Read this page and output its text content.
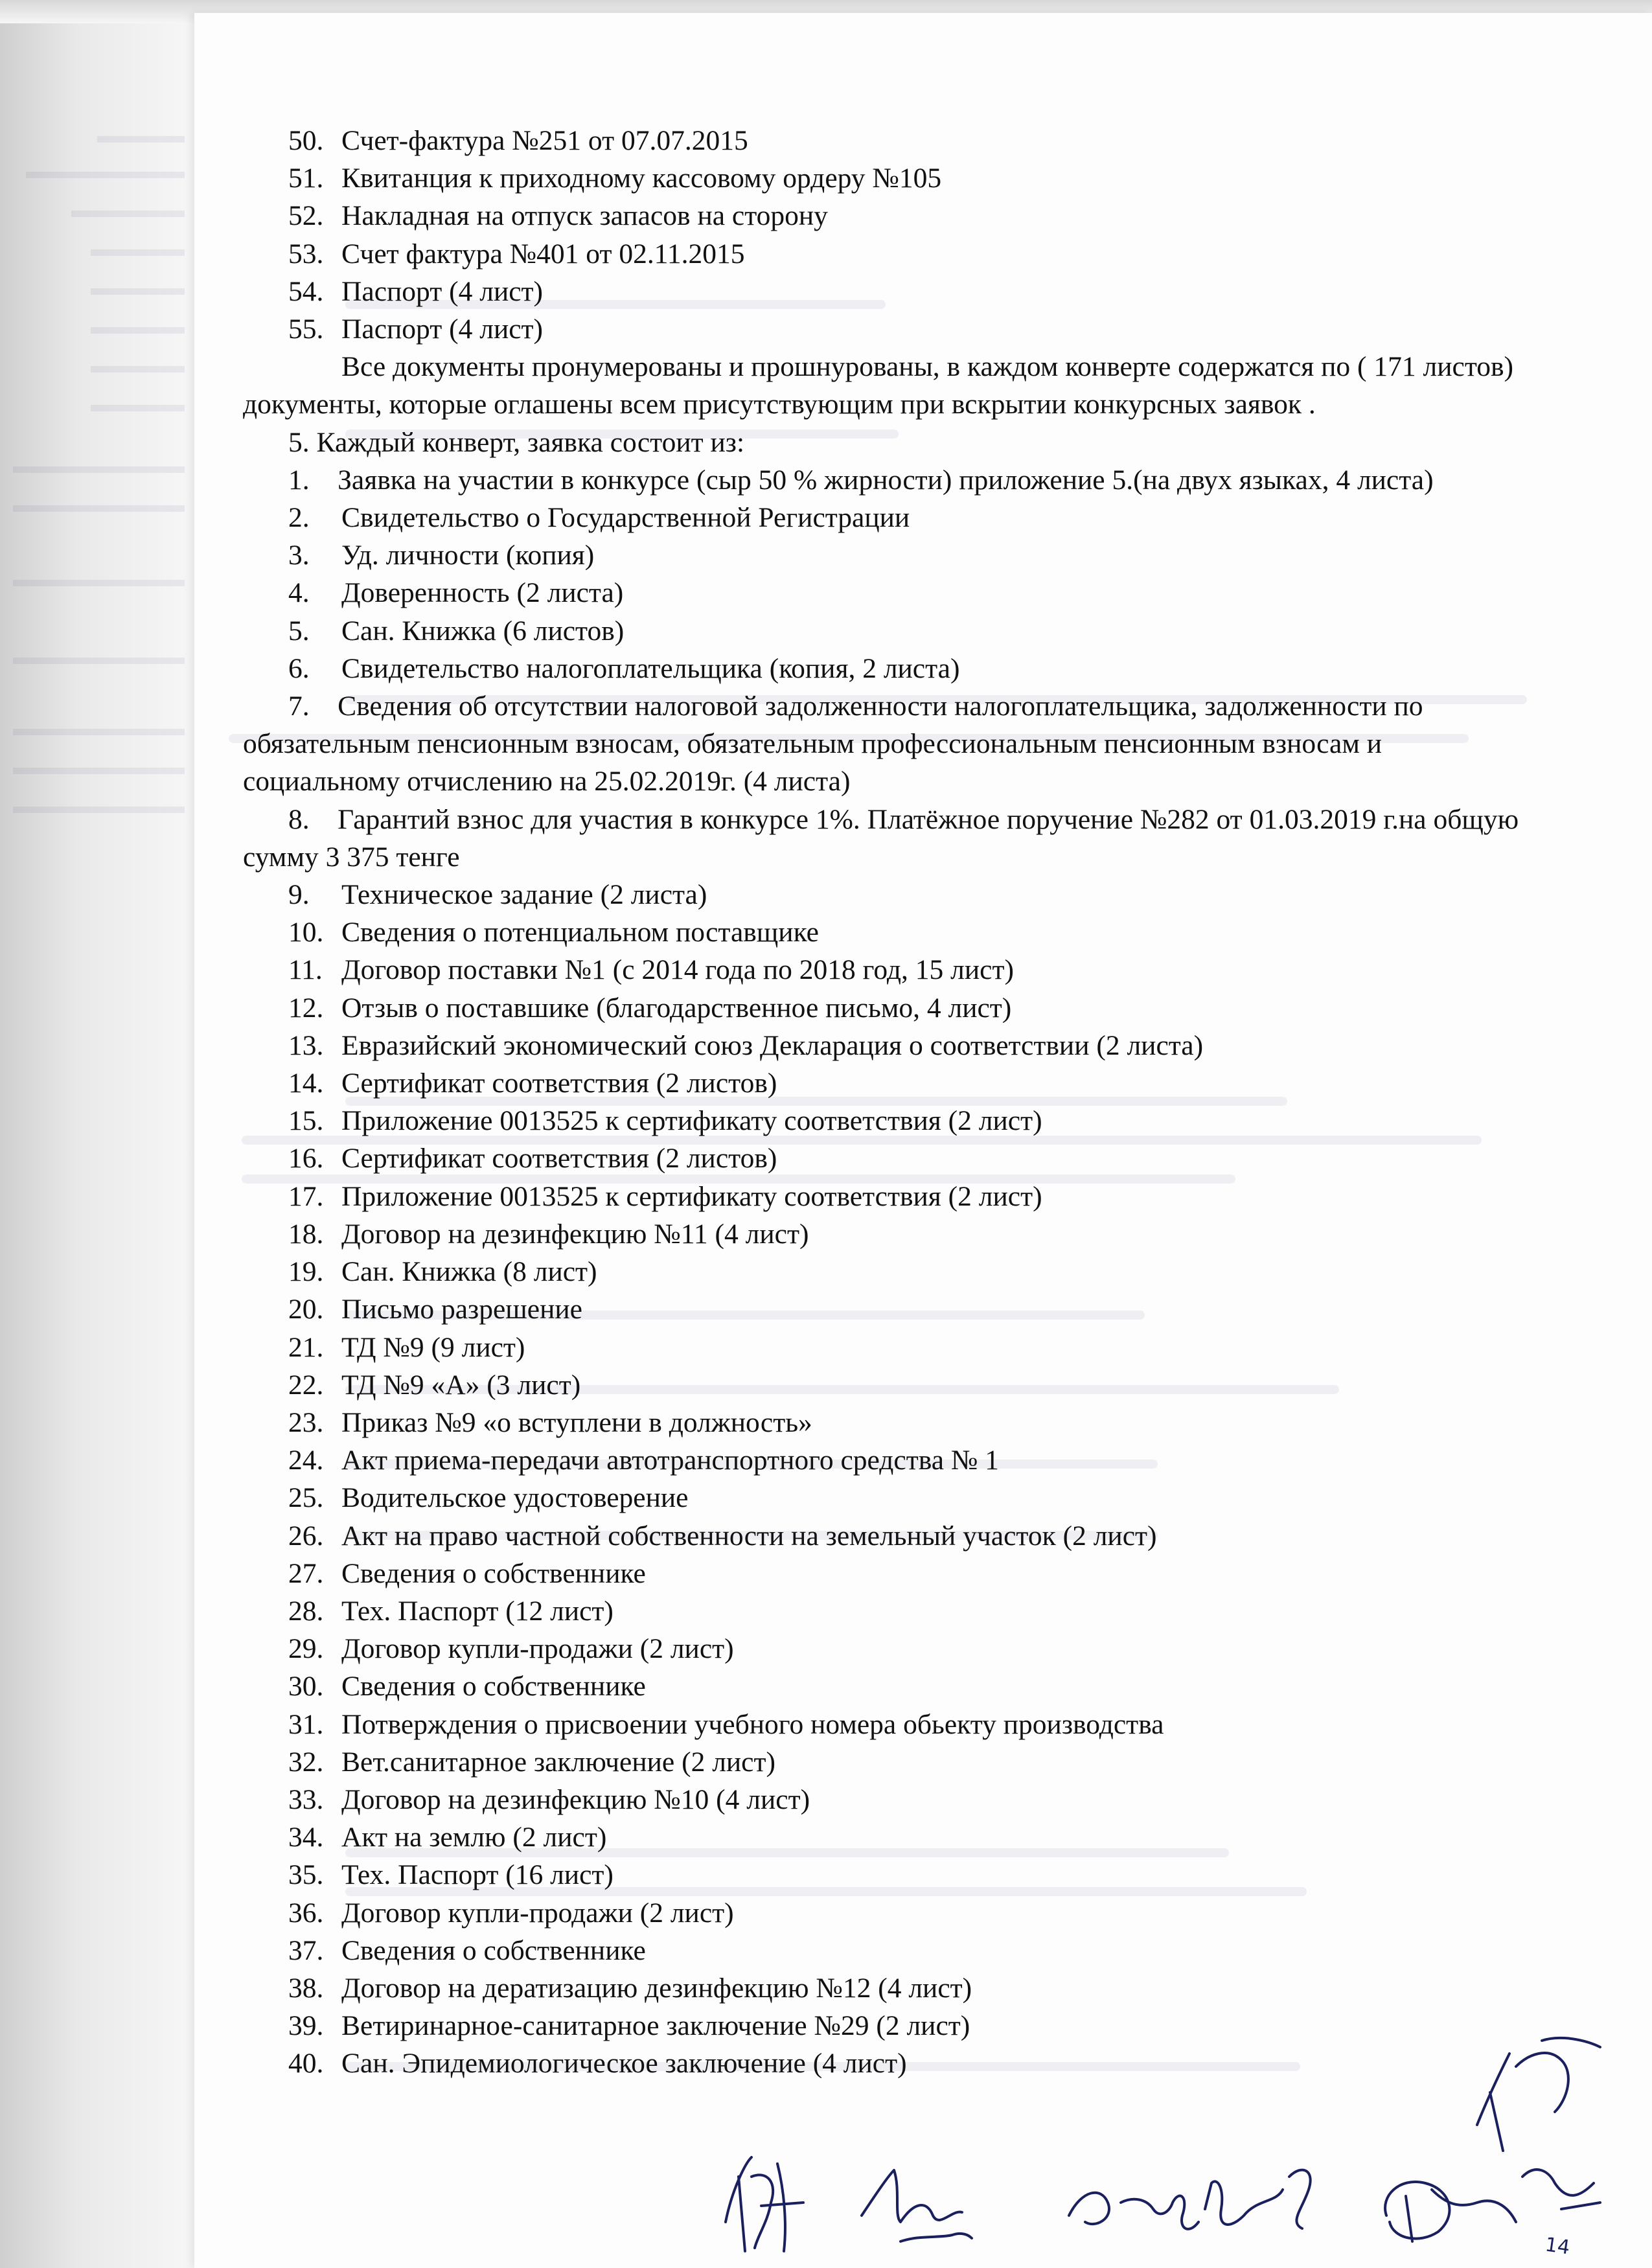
50. Счет-фактура №251 от 07.07.2015
51. Квитанция к приходному кассовому ордеру №105
52. Накладная на отпуск запасов на сторону
53. Счет фактура №401 от 02.11.2015
54. Паспорт (4 лист)
55. Паспорт (4 лист)
Все документы пронумерованы и прошнурованы, в каждом конверте содержатся по ( 171 листов) документы, которые оглашены всем присутствующим при вскрытии конкурсных заявок .
5. Каждый конверт, заявка состоит из:
1.    Заявка на участии в конкурсе (сыр 50 % жирности) приложение 5.(на двух языках, 4 листа)
2. Свидетельство о Государственной Регистрации
3. Уд. личности (копия)
4. Доверенность (2 листа)
5. Сан. Книжка (6 листов)
6. Свидетельство налогоплательщика (копия, 2 листа)
7.    Сведения об отсутствии налоговой задолженности налогоплательщика, задолженности по обязательным пенсионным взносам, обязательным профессиональным пенсионным взносам и социальному отчислению на 25.02.2019г. (4 листа)
8.    Гарантий взнос для участия в конкурсе 1%. Платёжное поручение №282 от 01.03.2019 г.на общую сумму 3 375 тенге
9. Техническое задание (2 листа)
10. Сведения о потенциальном поставщике
11. Договор поставки №1 (с 2014 года по 2018 год, 15 лист)
12. Отзыв о поставшике (благодарственное письмо, 4 лист)
13. Евразийский экономический союз Декларация о соответствии (2 листа)
14. Сертификат соответствия (2 листов)
15. Приложение 0013525 к сертификату соответствия (2 лист)
16. Сертификат соответствия (2 листов)
17. Приложение 0013525 к сертификату соответствия (2 лист)
18. Договор на дезинфекцию №11 (4 лист)
19. Сан. Книжка (8 лист)
20. Письмо разрешение
21. ТД №9 (9 лист)
22. ТД №9 «А» (3 лист)
23. Приказ №9 «о вступлени в должность»
24. Акт приема-передачи автотранспортного средства № 1
25. Водительское удостоверение
26. Акт на право частной собственности на земельный участок (2 лист)
27. Сведения о собственнике
28. Тех. Паспорт (12 лист)
29. Договор купли-продажи (2 лист)
30. Сведения о собственнике
31. Потверждения о присвоении учебного номера обьекту производства
32. Вет.санитарное заключение (2 лист)
33. Договор на дезинфекцию №10 (4 лист)
34. Акт на землю (2 лист)
35. Тех. Паспорт (16 лист)
36. Договор купли-продажи (2 лист)
37. Сведения о собственнике
38. Договор на дератизацию дезинфекцию №12 (4 лист)
39. Ветиринарное-санитарное заключение №29 (2 лист)
40. Сан. Эпидемиологическое заключение (4 лист)
14
